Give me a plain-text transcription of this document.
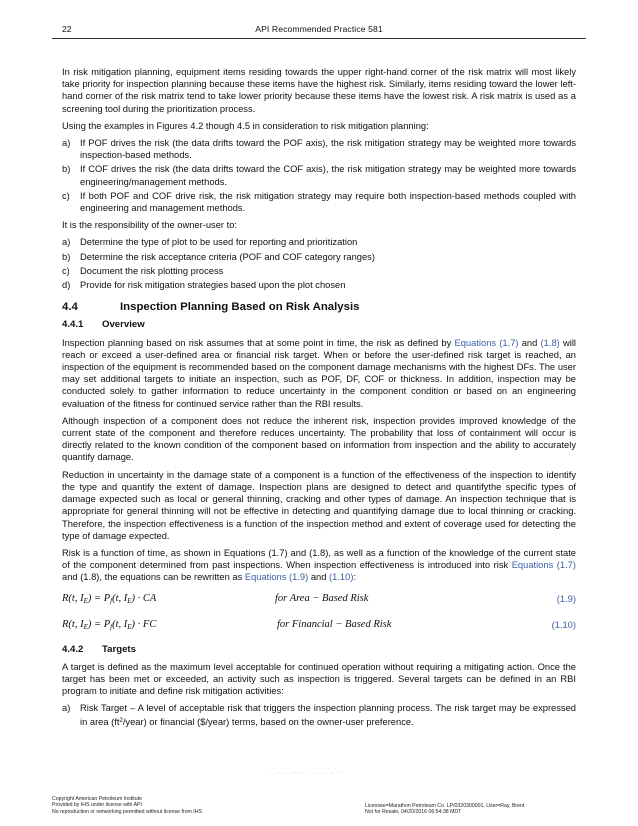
22	API Recommended Practice 581

In risk mitigation planning, equipment items residing towards the upper right-hand corner of the risk matrix will most likely take priority for inspection planning because these items have the highest risk. Similarly, items residing toward the lower left-hand corner of the risk matrix tend to take lower priority because these items have the lowest risk. A risk matrix is used as a screening tool during the prioritization process.

Using the examples in Figures 4.2 though 4.5 in consideration to risk mitigation planning:

a)	If POF drives the risk (the data drifts toward the POF axis), the risk mitigation strategy may be weighted more towards inspection-based methods.
b)	If COF drives the risk (the data drifts toward the COF axis), the risk mitigation strategy may be weighted more towards engineering/management methods.
c)	If both POF and COF drive risk, the risk mitigation strategy may require both inspection-based methods coupled with engineering and management methods.

It is the responsibility of the owner-user to:

a)	Determine the type of plot to be used for reporting and prioritization
b)	Determine the risk acceptance criteria (POF and COF category ranges)
c)	Document the risk plotting process
d)	Provide for risk mitigation strategies based upon the plot chosen
4.4	Inspection Planning Based on Risk Analysis
4.4.1	Overview

Inspection planning based on risk assumes that at some point in time, the risk as defined by Equations (1.7) and (1.8) will reach or exceed a user-defined area or financial risk target. When or before the user-defined risk target is reached, an inspection of the equipment is recommended based on the component damage mechanisms with the highest DFs. The user may set additional targets to initiate an inspection, such as POF, DF, COF or thickness. In addition, inspection may be conducted solely to gather information to reduce uncertainty in the component condition or based on an engineering evaluation of the fitness for continued service rather than the RBI results.

Although inspection of a component does not reduce the inherent risk, inspection provides improved knowledge of the current state of the component and therefore reduces uncertainty. The probability that loss of containment will occur is directly related to the known condition of the component based on information from inspection and the ability to accurately quantify damage.

Reduction in uncertainty in the damage state of a component is a function of the effectiveness of the inspection to identify the type and quantify the extent of damage. Inspection plans are designed to detect and quantifythe specific types of damage expected such as local or general thinning, cracking and other types of damage. An inspection technique that is appropriate for general thinning will not be effective in detecting and quantifying damage due to local thinning or cracking. Therefore, the inspection effectiveness is a function of the inspection method and extent of coverage used for detecting the type of damage expected.

Risk is a function of time, as shown in Equations (1.7) and (1.8), as well as a function of the knowledge of the current state of the component determined from past inspections. When inspection effectiveness is introduced into risk Equations (1.7) and (1.8), the equations can be rewritten as Equations (1.9) and (1.10):

R(t, $I_E) = P_f(t$, $I_E$) · CA	for Area − Based Risk	(1.9)
R(t, $I_E) = P_f(t$, $I_E$) · FC	for Financial − Based Risk	(1.10)
4.4.2	Targets

A target is defined as the maximum level acceptable for continued operation without requiring a mitigating action. Once the target has been met or exceeded, an activity such as inspection is triggered. Several targets can be defined in an RBI program to initiate and define risk mitigation activities:

a)	Risk Target – A level of acceptable risk that triggers the inspection planning process. The risk target may be expressed in area $(ft^2/year)$ or financial ($/year) terms, based on the owner-user preference.
-`,`,,,`,`,,,,,,`,`,`,,`,`,,`,-
Copyright American Petroleum Institute
Provided by IHS under license with API
No reproduction or networking permitted without license from IHS
Licensee=Marathon Petroleum Co. LP/0320300001, User=Ray, Brent
Not for Resale, 04/20/2016 06:54:38 MDT
